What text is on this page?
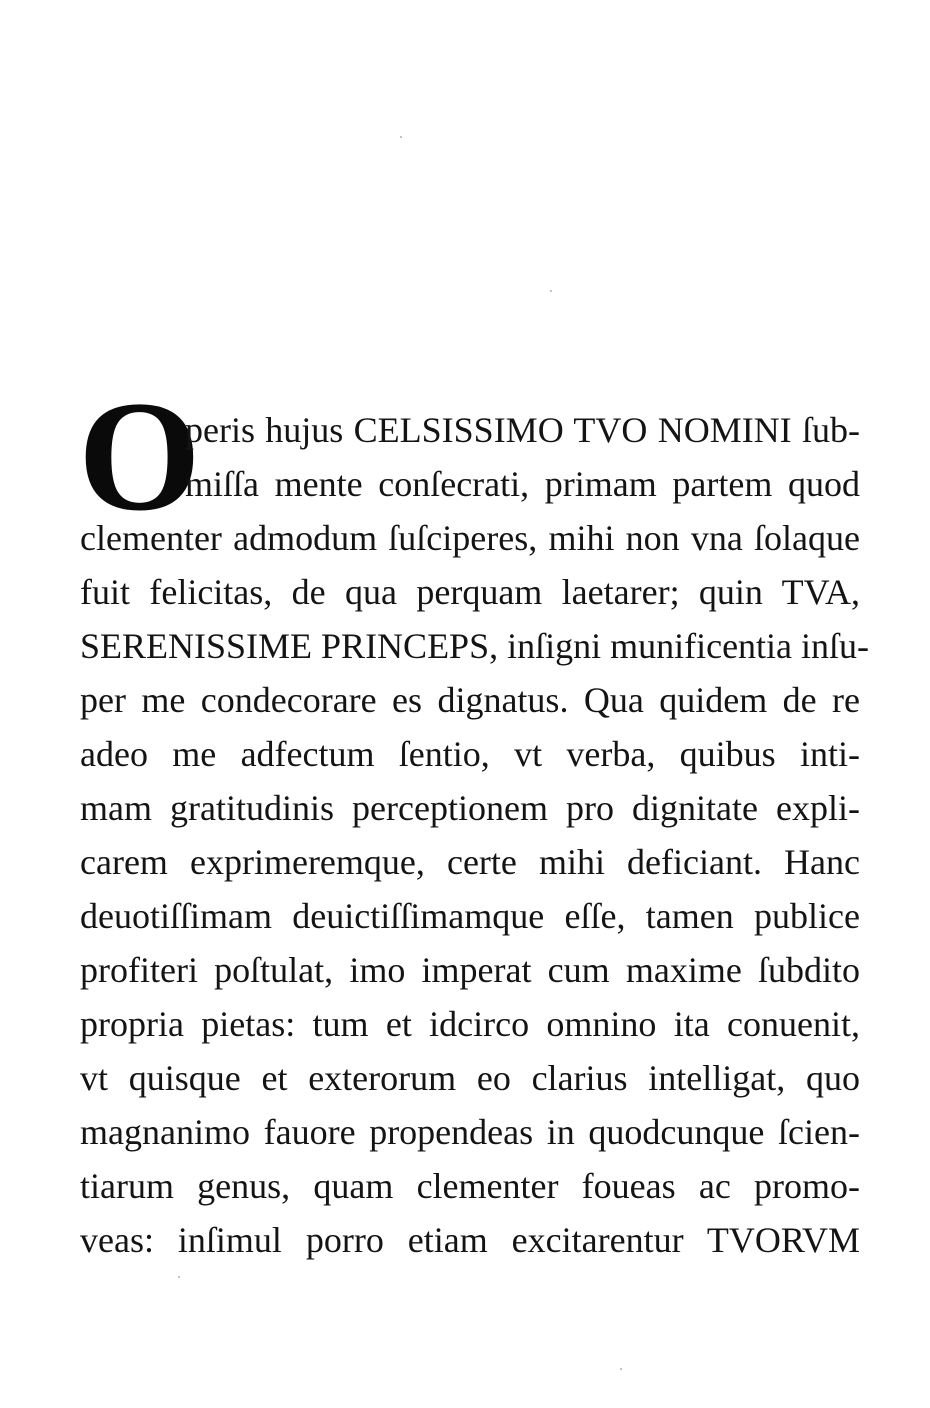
O
peris hujus CELSISSIMO TVO NOMINI ſub-
miſſa mente conſecrati, primam partem quod
clementer admodum ſuſciperes, mihi non vna ſolaque
fuit felicitas, de qua perquam laetarer; quin TVA,
SERENISSIME PRINCEPS, inſigni munificentia inſu-
per me condecorare es dignatus. Qua quidem de re
adeo me adfectum ſentio, vt verba, quibus inti-
mam gratitudinis perceptionem pro dignitate expli-
carem exprimeremque, certe mihi deficiant. Hanc
deuotiſſimam deuictiſſimamque eſſe, tamen publice
profiteri poſtulat, imo imperat cum maxime ſubdito
propria pietas: tum et idcirco omnino ita conuenit,
vt quisque et exterorum eo clarius intelligat, quo
magnanimo fauore propendeas in quodcunque ſcien-
tiarum genus, quam clementer foueas ac promo-
veas: inſimul porro etiam excitarentur TVORVM
